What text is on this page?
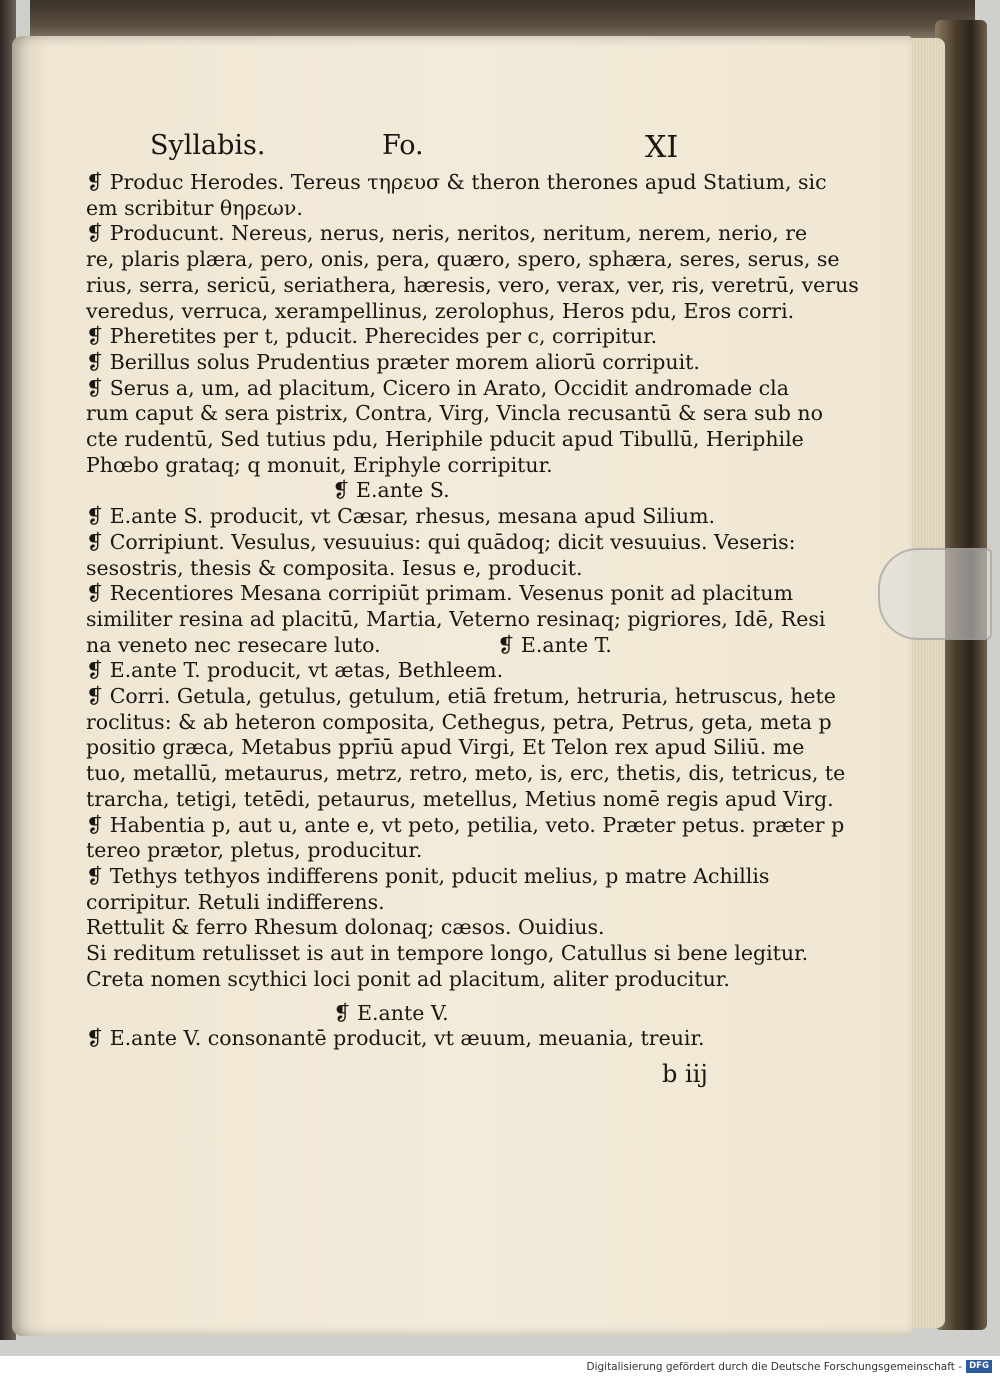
Syllabis.	Fo.	XI
❡ Produc Herodes. Tereus τηρευσ & theron therones apud Statium, sic
em scribitur θηρεων.
❡ Producunt. Nereus, nerus, neris, neritos, neritum, nerem, nerio, re
re, plaris plæra, pero, onis, pera, quæro, spero, sphæra, seres, serus, se
rius, serra, sericū, seriathera, hæresis, vero, verax, ver, ris, veretrū, verus
veredus, verruca, xerampellinus, zerolophus, Heros pdu, Eros corri.
❡ Pheretites per t, pducit. Pherecides per c, corripitur.
❡ Berillus solus Prudentius præter morem aliorū corripuit.
❡ Serus a, um, ad placitum, Cicero in Arato, Occidit andromade cla
rum caput & sera pistrix, Contra, Virg, Vincla recusantū & sera sub no
cte rudentū, Sed tutius pdu, Heriphile pducit apud Tibullū, Heriphile
Phœbo grataq; q monuit, Eriphyle corripitur.
❡ E.ante S.
❡ E.ante S. producit, vt Cæsar, rhesus, mesana apud Silium.
❡ Corripiunt. Vesulus, vesuuius: qui quādoq; dicit vesuuius. Veseris:
sesostris, thesis & composita. Iesus e, producit.
❡ Recentiores Mesana corripiūt primam. Vesenus ponit ad placitum
similiter resina ad placitū, Martia, Veterno resinaq; pigriores, Idē, Resi
na veneto nec resecare luto.	❡ E.ante T.
❡ E.ante T. producit, vt ætas, Bethleem.
❡ Corri. Getula, getulus, getulum, etiā fretum, hetruria, hetruscus, hete
roclitus: & ab heteron composita, Cethegus, petra, Petrus, geta, meta p
positio græca, Metabus pprīū apud Virgi, Et Telon rex apud Siliū. me
tuo, metallū, metaurus, metrz, retro, meto, is, erc, thetis, dis, tetricus, te
trarcha, tetigi, tetēdi, petaurus, metellus, Metius nomē regis apud Virg.
❡ Habentia p, aut u, ante e, vt peto, petilia, veto. Præter petus. præter p
tereo prætor, pletus, producitur.
❡ Tethys tethyos indifferens ponit, pducit melius, p matre Achillis
corripitur. Retuli indifferens.
Rettulit & ferro Rhesum dolonaq; cæsos. Ouidius.
Si reditum retulisset is aut in tempore longo, Catullus si bene legitur.
Creta nomen scythici loci ponit ad placitum, aliter producitur.
❡ E.ante V.
❡ E.ante V. consonantē producit, vt æuum, meuania, treuir.
b iij
Digitalisierung gefördert durch die Deutsche Forschungsgemeinschaft - DFG
